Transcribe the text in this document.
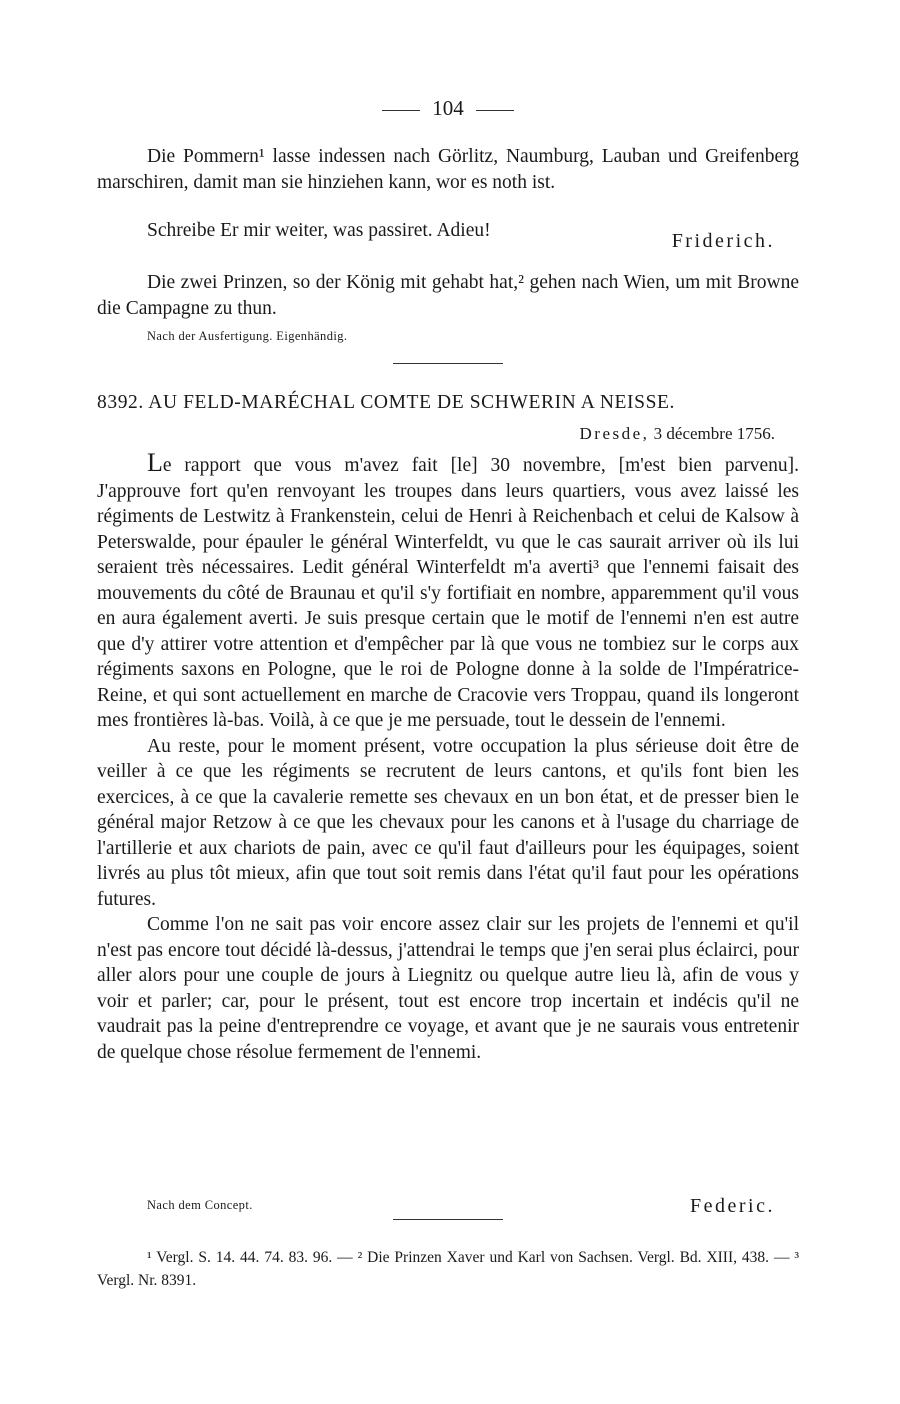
104

Die Pommern¹ lasse indessen nach Görlitz, Naumburg, Lauban und Greifenberg marschiren, damit man sie hinziehen kann, wor es noth ist.

Schreibe Er mir weiter, was passiret. Adieu!	Friderich.

Die zwei Prinzen, so der König mit gehabt hat,² gehen nach Wien, um mit Browne die Campagne zu thun.

Nach der Ausfertigung. Eigenhändig.
8392. AU FELD-MARÉCHAL COMTE DE SCHWERIN A NEISSE.
Dresde, 3 décembre 1756.

Le rapport que vous m'avez fait [le] 30 novembre, [m'est bien parvenu]. J'approuve fort qu'en renvoyant les troupes dans leurs quartiers, vous avez laissé les régiments de Lestwitz à Frankenstein, celui de Henri à Reichenbach et celui de Kalsow à Peterswalde, pour épauler le général Winterfeldt, vu que le cas saurait arriver où ils lui seraient très nécessaires. Ledit général Winterfeldt m'a averti³ que l'ennemi faisait des mouvements du côté de Braunau et qu'il s'y fortifiait en nombre, apparemment qu'il vous en aura également averti. Je suis presque certain que le motif de l'ennemi n'en est autre que d'y attirer votre attention et d'empêcher par là que vous ne tombiez sur le corps aux régiments saxons en Pologne, que le roi de Pologne donne à la solde de l'Impératrice-Reine, et qui sont actuellement en marche de Cracovie vers Troppau, quand ils longeront mes frontières là-bas. Voilà, à ce que je me persuade, tout le dessein de l'ennemi.

Au reste, pour le moment présent, votre occupation la plus sérieuse doit être de veiller à ce que les régiments se recrutent de leurs cantons, et qu'ils font bien les exercices, à ce que la cavalerie remette ses chevaux en un bon état, et de presser bien le général major Retzow à ce que les chevaux pour les canons et à l'usage du charriage de l'artillerie et aux chariots de pain, avec ce qu'il faut d'ailleurs pour les équipages, soient livrés au plus tôt mieux, afin que tout soit remis dans l'état qu'il faut pour les opérations futures.

Comme l'on ne sait pas voir encore assez clair sur les projets de l'ennemi et qu'il n'est pas encore tout décidé là-dessus, j'attendrai le temps que j'en serai plus éclairci, pour aller alors pour une couple de jours à Liegnitz ou quelque autre lieu là, afin de vous y voir et parler; car, pour le présent, tout est encore trop incertain et indécis qu'il ne vaudrait pas la peine d'entreprendre ce voyage, et avant que je ne saurais vous entretenir de quelque chose résolue fermement de l'ennemi.

Nach dem Concept.	Federic.

¹ Vergl. S. 14. 44. 74. 83. 96. — ² Die Prinzen Xaver und Karl von Sachsen. Vergl. Bd. XIII, 438. — ³ Vergl. Nr. 8391.
